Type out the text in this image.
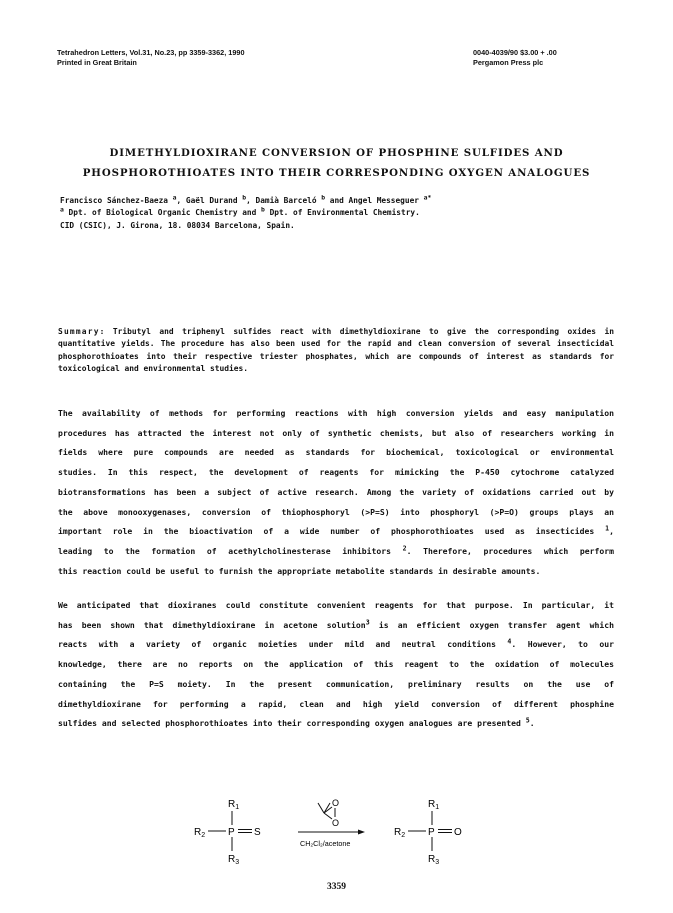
Tetrahedron Letters, Vol.31, No.23, pp 3359-3362, 1990
Printed in Great Britain
0040-4039/90 $3.00 + .00
Pergamon Press plc
DIMETHYLDIOXIRANE CONVERSION OF PHOSPHINE SULFIDES AND
PHOSPHOROTHIOATES INTO THEIR CORRESPONDING OXYGEN ANALOGUES
Francisco Sánchez-Baeza $^a$, Gaël Durand $^b$, Damià Barceló $^b$ and Angel Messeguer $^{a*}$
$^a$ Dpt. of Biological Organic Chemistry and $^b$ Dpt. of Environmental Chemistry.
CID (CSIC), J. Girona, 18. 08034 Barcelona, Spain.
Summary: Tributyl and triphenyl sulfides react with dimethyldioxirane to give the corresponding oxides in quantitative yields. The procedure has also been used for the rapid and clean conversion of several insecticidal phosphorothioates into their respective triester phosphates, which are compounds of interest as standards for toxicological and environmental studies.
The availability of methods for performing reactions with high conversion yields and easy manipulation
procedures has attracted the interest not only of synthetic chemists, but also of researchers working in
fields where pure compounds are needed as standards for biochemical, toxicological or environmental
studies. In this respect, the development of reagents for mimicking the P-450 cytochrome catalyzed
biotransformations has been a subject of active research. Among the variety of oxidations carried out by
the above monooxygenases, conversion of thiophosphoryl (⁠⁠⁠>P=S) into phosphoryl (>P=O) groups plays an
important role in the bioactivation of a wide number of phosphorothioates used as insecticides $^1$,
leading to the formation of acethylcholinesterase inhibitors $^2$. Therefore, procedures which perform
this reaction could be useful to furnish the appropriate metabolite standards in desirable amounts.
We anticipated that dioxiranes could constitute convenient reagents for that purpose. In particular, it
has been shown that dimethyldioxirane in acetone solution$^3$ is an efficient oxygen transfer agent which
reacts with a variety of organic moieties under mild and neutral conditions $^4$. However, to our
knowledge, there are no reports on the application of this reagent to the oxidation of molecules
containing the P=S moiety. In the present communication, preliminary results on the use of
dimethyldioxirane for performing a rapid, clean and high yield conversion of different phosphine
sulfides and selected phosphorothioates into their corresponding oxygen analogues are presented $^5$.
$R_1$
$R_2$ P S
$R_3$
O
O
CH₂Cl₂/acetone
$R_1$
$R_2$ P O
$R_3$
3359
